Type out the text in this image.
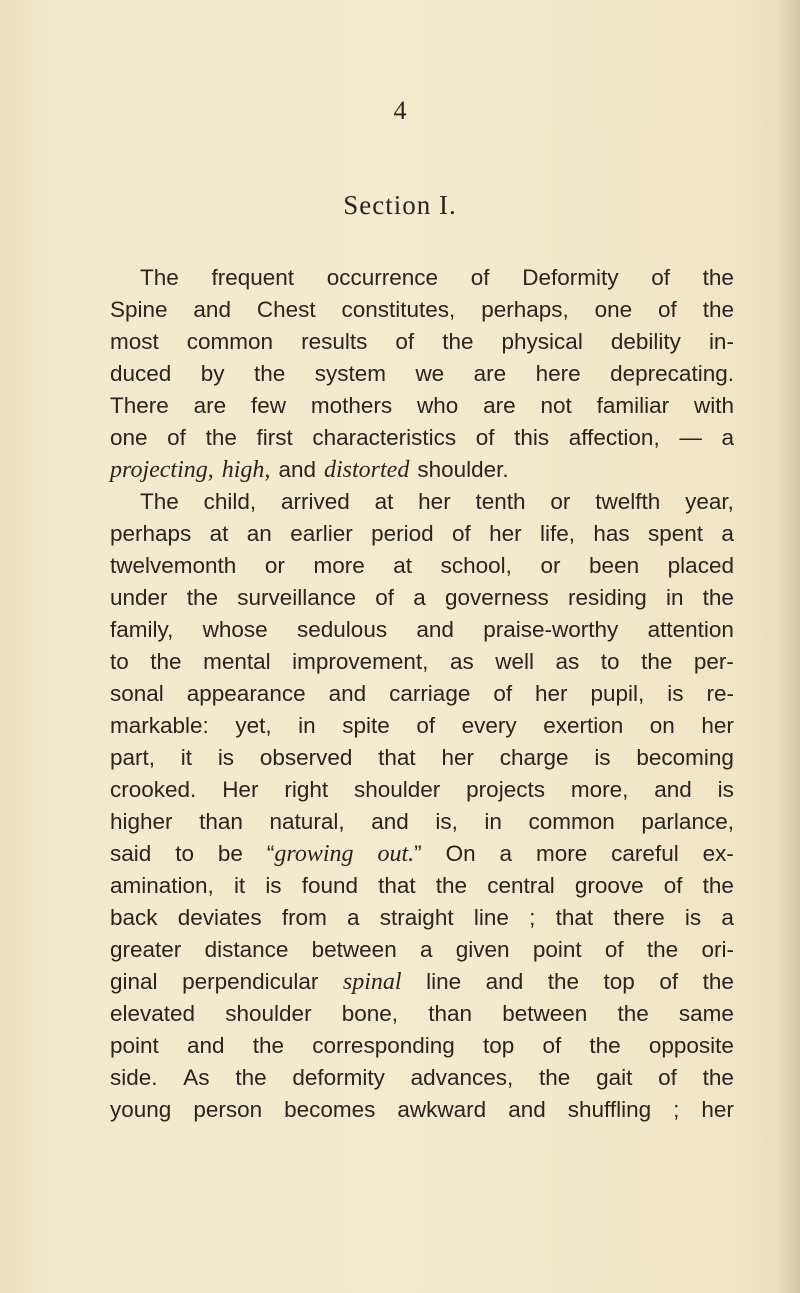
4
Section I.
The frequent occurrence of Deformity of the
Spine and Chest constitutes, perhaps, one of the
most common results of the physical debility in-
duced by the system we are here deprecating.
There are few mothers who are not familiar with
one of the first characteristics of this affection, — a
projecting, high, and distorted shoulder.
The child, arrived at her tenth or twelfth year,
perhaps at an earlier period of her life, has spent a
twelvemonth or more at school, or been placed
under the surveillance of a governess residing in the
family, whose sedulous and praise-worthy attention
to the mental improvement, as well as to the per-
sonal appearance and carriage of her pupil, is re-
markable: yet, in spite of every exertion on her
part, it is observed that her charge is becoming
crooked. Her right shoulder projects more, and is
higher than natural, and is, in common parlance,
said to be “growing out.” On a more careful ex-
amination, it is found that the central groove of the
back deviates from a straight line ; that there is a
greater distance between a given point of the ori-
ginal perpendicular spinal line and the top of the
elevated shoulder bone, than between the same
point and the corresponding top of the opposite
side. As the deformity advances, the gait of the
young person becomes awkward and shuffling ; her
